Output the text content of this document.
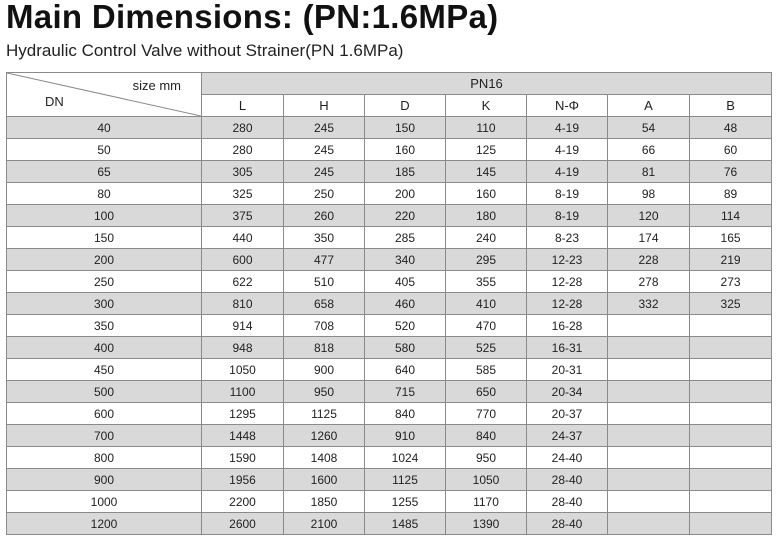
Main Dimensions: (PN:1.6MPa)

Hydraulic Control Valve without Strainer(PN 1.6MPa)

size mm
DN	PN16						
	L	H	D	K	N-Φ	A	B
40	280	245	150	110	4-19	54	48
50	280	245	160	125	4-19	66	60
65	305	245	185	145	4-19	81	76
80	325	250	200	160	8-19	98	89
100	375	260	220	180	8-19	120	114
150	440	350	285	240	8-23	174	165
200	600	477	340	295	12-23	228	219
250	622	510	405	355	12-28	278	273
300	810	658	460	410	12-28	332	325
350	914	708	520	470	16-28		
400	948	818	580	525	16-31		
450	1050	900	640	585	20-31		
500	1100	950	715	650	20-34		
600	1295	1125	840	770	20-37		
700	1448	1260	910	840	24-37		
800	1590	1408	1024	950	24-40		
900	1956	1600	1125	1050	28-40		
1000	2200	1850	1255	1170	28-40		
1200	2600	2100	1485	1390	28-40		
